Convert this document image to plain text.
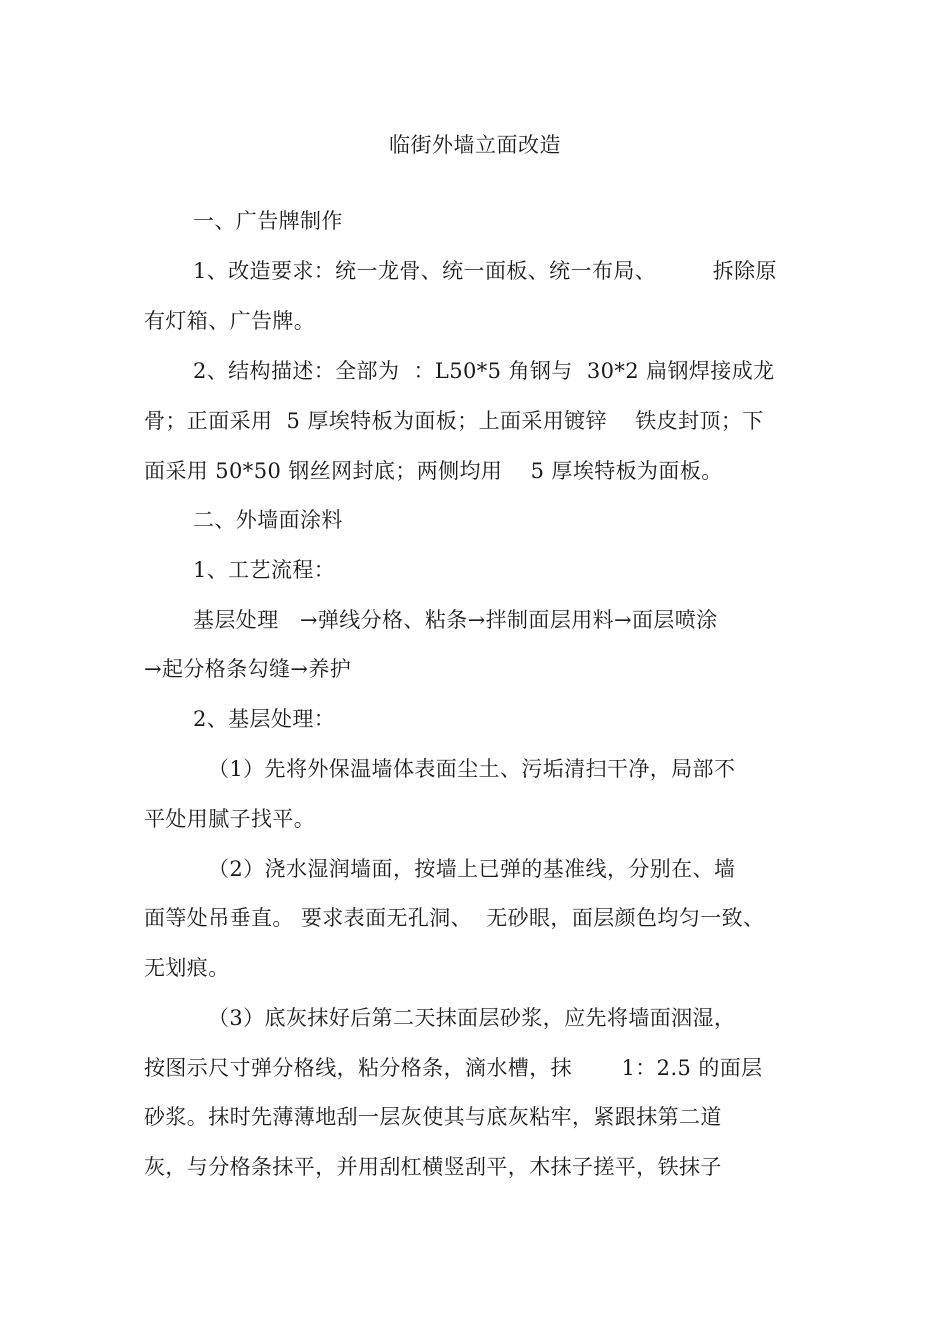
临街外墙立面改造
一、广告牌制作
1、改造要求：统一龙骨、统一面板、统一布局、        拆除原
有灯箱、广告牌。
2、结构描述：全部为  ：L50*5 角钢与  30*2 扁钢焊接成龙
骨；正面采用  5 厚埃特板为面板；上面采用镀锌    铁皮封顶；下
面采用 50*50 钢丝网封底；两侧均用    5 厚埃特板为面板。
二、外墙面涂料
1、工艺流程：
基层处理   →弹线分格、粘条→拌制面层用料→面层喷涂
→起分格条勾缝→养护
2、基层处理：
（1）先将外保温墙体表面尘土、污垢清扫干净，局部不
平处用腻子找平。
（2）浇水湿润墙面，按墙上已弹的基准线，分别在、墙
面等处吊垂直。 要求表面无孔洞、  无砂眼，面层颜色均匀一致、
无划痕。
（3）底灰抹好后第二天抹面层砂浆，应先将墙面洇湿，
按图示尺寸弹分格线，粘分格条，滴水槽，抹       1：2.5 的面层
砂浆。抹时先薄薄地刮一层灰使其与底灰粘牢，紧跟抹第二道
灰，与分格条抹平，并用刮杠横竖刮平，木抹子搓平，铁抹子
